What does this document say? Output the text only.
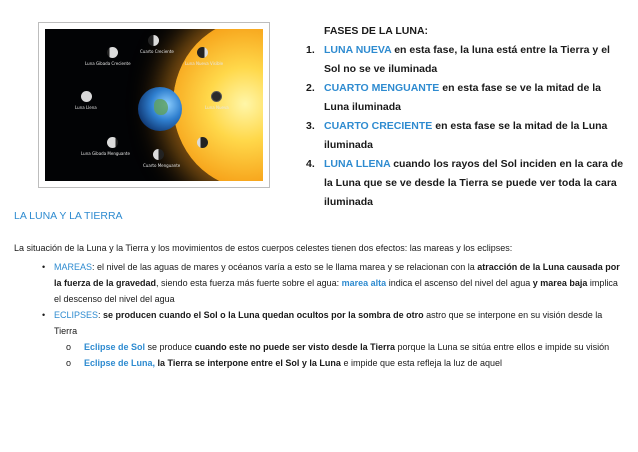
Cuarto Creciente
Luna Gibada Creciente	Luna Nueva Visible
Luna Llena	Luna Nueva
Luna Gibada Menguante
Cuarto Menguante
FASES DE LA LUNA:
1. LUNA NUEVA en esta fase, la luna está entre la Tierra y el Sol no se ve iluminada
2. CUARTO MENGUANTE en esta fase se ve la mitad de la Luna iluminada
3. CUARTO CRECIENTE en esta fase se la mitad de la Luna iluminada
4. LUNA LLENA cuando los rayos del Sol inciden en la cara de la Luna que se ve desde la Tierra se puede ver toda la cara iluminada
LA LUNA Y LA TIERRA
La situación de la Luna y la Tierra y los movimientos de estos cuerpos celestes tienen dos efectos: las mareas y los eclipses:
• MAREAS: el nivel de las aguas de mares y océanos varía a esto se le llama marea y se relacionan con la atracción de la Luna causada por la fuerza de la gravedad, siendo esta fuerza más fuerte sobre el agua: marea alta indica el ascenso del nivel del agua y marea baja implica el descenso del nivel del agua
• ECLIPSES: se producen cuando el Sol o la Luna quedan ocultos por la sombra de otro astro que se interpone en su visión desde la Tierra
o Eclipse de Sol se produce cuando este no puede ser visto desde la Tierra porque la Luna se sitúa entre ellos e impide su visión
o Eclipse de Luna, la Tierra se interpone entre el Sol y la Luna e impide que esta refleja la luz de aquel
